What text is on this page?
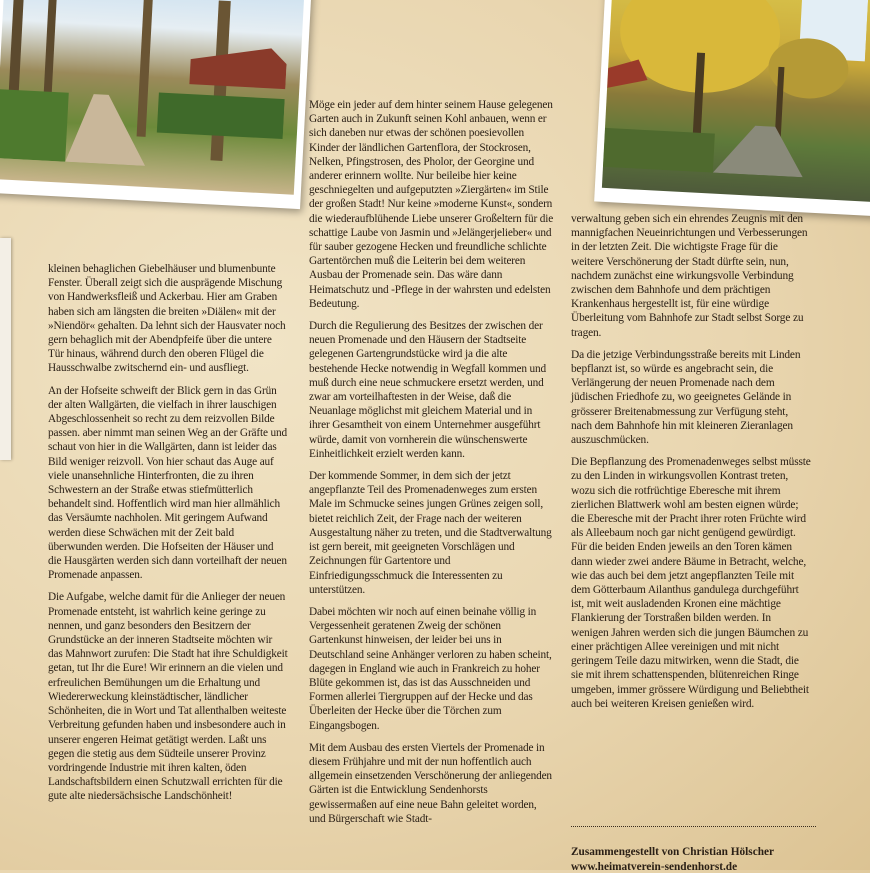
kleinen behaglichen Giebelhäuser und blumenbunte Fenster. Überall zeigt sich die ausprägende Mischung von Handwerksfleiß und Ackerbau. Hier am Graben haben sich am längsten die breiten »Diälen« mit der »Niendör« gehalten. Da lehnt sich der Hausvater noch gern behaglich mit der Abendpfeife über die untere Tür hinaus, während durch den oberen Flügel die Hausschwalbe zwitschernd ein- und ausfliegt.

An der Hofseite schweift der Blick gern in das Grün der alten Wallgärten, die vielfach in ihrer lauschigen Abgeschlossenheit so recht zu dem reizvollen Bilde passen. aber nimmt man seinen Weg an der Gräfte und schaut von hier in die Wallgärten, dann ist leider das Bild weniger reizvoll. Von hier schaut das Auge auf viele unansehnliche Hinterfronten, die zu ihren Schwestern an der Straße etwas stiefmütterlich behandelt sind. Hoffentlich wird man hier allmählich das Versäumte nachholen. Mit geringem Aufwand werden diese Schwächen mit der Zeit bald überwunden werden. Die Hofseiten der Häuser und die Hausgärten werden sich dann vorteilhaft der neuen Promenade anpassen.

Die Aufgabe, welche damit für die Anlieger der neuen Promenade entsteht, ist wahrlich keine geringe zu nennen, und ganz besonders den Besitzern der Grundstücke an der inneren Stadtseite möchten wir das Mahnwort zurufen: Die Stadt hat ihre Schuldigkeit getan, tut Ihr die Eure! Wir erinnern an die vielen und erfreulichen Bemühungen um die Erhaltung und Wiedererweckung kleinstädtischer, ländlicher Schönheiten, die in Wort und Tat allenthalben weiteste Verbreitung gefunden haben und insbesondere auch in unserer engeren Heimat getätigt werden. Laßt uns gegen die stetig aus dem Südteile unserer Provinz vordringende Industrie mit ihren kalten, öden Landschaftsbildern einen Schutzwall errichten für die gute alte niedersächsische Landschönheit!

Möge ein jeder auf dem hinter seinem Hause gelegenen Garten auch in Zukunft seinen Kohl anbauen, wenn er sich daneben nur etwas der schönen poesievollen Kinder der ländlichen Gartenflora, der Stockrosen, Nelken, Pfingstrosen, des Pholor, der Georgine und anderer erinnern wollte. Nur beileibe hier keine geschniegelten und aufgeputzten »Ziergärten« im Stile der großen Stadt! Nur keine »moderne Kunst«, sondern die wiederaufblühende Liebe unserer Großeltern für die schattige Laube von Jasmin und »Jelängerjelieber« und für sauber gezogene Hecken und freundliche schlichte Gartentörchen muß die Leiterin bei dem weiteren Ausbau der Promenade sein. Das wäre dann Heimatschutz und -Pflege in der wahrsten und edelsten Bedeutung.

Durch die Regulierung des Besitzes der zwischen der neuen Promenade und den Häusern der Stadtseite gelegenen Gartengrundstücke wird ja die alte bestehende Hecke notwendig in Wegfall kommen und muß durch eine neue schmuckere ersetzt werden, und zwar am vorteilhaftesten in der Weise, daß die Neuanlage möglichst mit gleichem Material und in ihrer Gesamtheit von einem Unternehmer ausgeführt würde, damit von vornherein die wünschenswerte Einheitlichkeit erzielt werden kann.

Der kommende Sommer, in dem sich der jetzt angepflanzte Teil des Promenadenweges zum ersten Male im Schmucke seines jungen Grünes zeigen soll, bietet reichlich Zeit, der Frage nach der weiteren Ausgestaltung näher zu treten, und die Stadtverwaltung ist gern bereit, mit geeigneten Vorschlägen und Zeichnungen für Gartentore und Einfriedigungsschmuck die Interessenten zu unterstützen.

Dabei möchten wir noch auf einen beinahe völlig in Vergessenheit geratenen Zweig der schönen Gartenkunst hinweisen, der leider bei uns in Deutschland seine Anhänger verloren zu haben scheint, dagegen in England wie auch in Frankreich zu hoher Blüte gekommen ist, das ist das Ausschneiden und Formen allerlei Tiergruppen auf der Hecke und das Überleiten der Hecke über die Törchen zum Eingangsbogen.

Mit dem Ausbau des ersten Viertels der Promenade in diesem Frühjahre und mit der nun hoffentlich auch allgemein einsetzenden Verschönerung der anliegenden Gärten ist die Entwicklung Sendenhorsts gewissermaßen auf eine neue Bahn geleitet worden, und Bürgerschaft wie Stadt-

verwaltung geben sich ein ehrendes Zeugnis mit den mannigfachen Neueinrichtungen und Verbesserungen in der letzten Zeit. Die wichtigste Frage für die weitere Verschönerung der Stadt dürfte sein, nun, nachdem zunächst eine wirkungsvolle Verbindung zwischen dem Bahnhofe und dem prächtigen Krankenhaus hergestellt ist, für eine würdige Überleitung vom Bahnhofe zur Stadt selbst Sorge zu tragen.

Da die jetzige Verbindungsstraße bereits mit Linden bepflanzt ist, so würde es angebracht sein, die Verlängerung der neuen Promenade nach dem jüdischen Friedhofe zu, wo geeignetes Gelände in grösserer Breitenabmessung zur Verfügung steht, nach dem Bahnhofe hin mit kleineren Zieranlagen auszuschmücken.

Die Bepflanzung des Promenadenweges selbst müsste zu den Linden in wirkungsvollen Kontrast treten, wozu sich die rotfrüchtige Eberesche mit ihrem zierlichen Blattwerk wohl am besten eignen würde; die Eberesche mit der Pracht ihrer roten Früchte wird als Alleebaum noch gar nicht genügend gewürdigt. Für die beiden Enden jeweils an den Toren kämen dann wieder zwei andere Bäume in Betracht, welche, wie das auch bei dem jetzt angepflanzten Teile mit dem Götterbaum Ailanthus gandulega durchgeführt ist, mit weit ausladenden Kronen eine mächtige Flankierung der Torstraßen bilden werden. In wenigen Jahren werden sich die jungen Bäumchen zu einer prächtigen Allee vereinigen und mit nicht geringem Teile dazu mitwirken, wenn die Stadt, die sie mit ihrem schattenspenden, blütenreichen Ringe umgeben, immer grössere Würdigung und Beliebtheit auch bei weiteren Kreisen genießen wird.

Zusammengestellt von Christian Hölscher
www.heimatverein-sendenhorst.de
